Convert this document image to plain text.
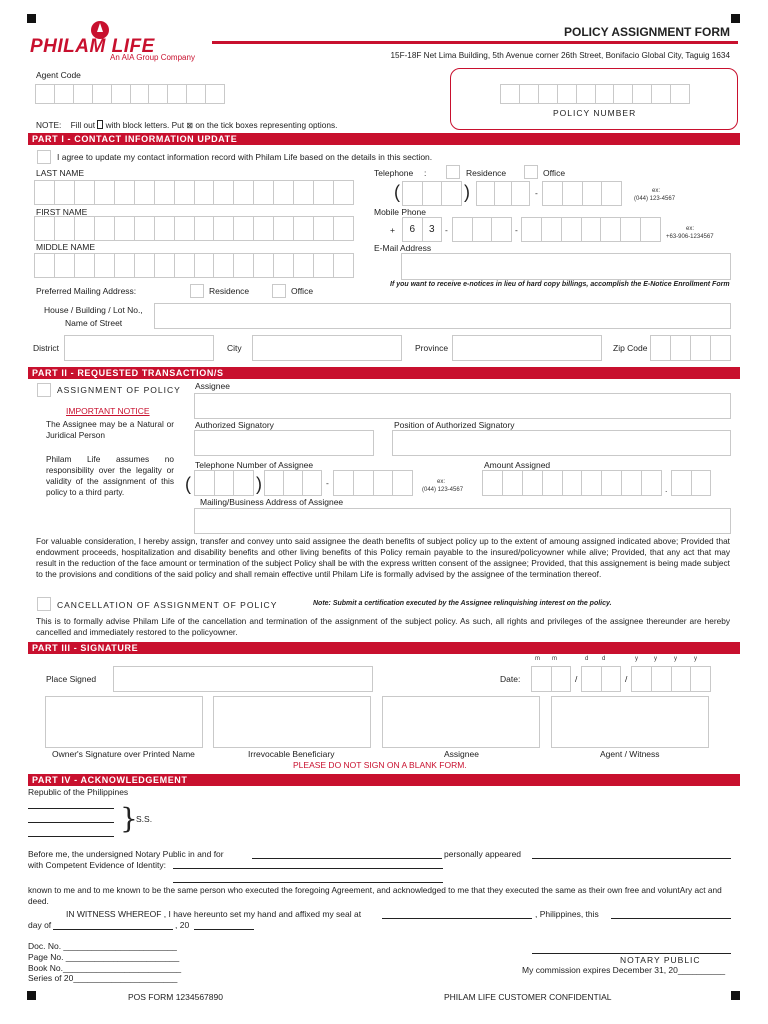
PHILAM LIFE
An AIA Group Company
POLICY ASSIGNMENT FORM
15F-18F Net Lima Building, 5th Avenue corner 26th Street, Bonifacio Global City, Taguig 1634
Agent Code
POLICY NUMBER
NOTE: Fill out with block letters. Put ⊠ on the tick boxes representing options.
PART I - CONTACT INFORMATION UPDATE
I agree to update my contact information record with Philam Life based on the details in this section.
LAST NAME
FIRST NAME
MIDDLE NAME
Telephone :	Residence	Office
(	)	-	ex:
(044) 123-4567
Mobile Phone
+	6	3	-	-	ex:
+63-906-1234567
E-Mail Address
If you want to receive e-notices in lieu of hard copy billings, accomplish the E-Notice Enrollment Form
Preferred Mailing Address:	Residence	Office
House / Building / Lot No.,
Name of Street
District	City	Province	Zip Code
PART II - REQUESTED TRANSACTION/S
ASSIGNMENT OF POLICY Assignee
IMPORTANT NOTICE
The Assignee may be a Natural or Juridical Person
Philam Life assumes no responsibility over the legality or validity of the assignment of this policy to a third party.
Authorized Signatory	Position of Authorized Signatory
Telephone Number of Assignee
(	)	-	ex:
(044) 123-4567
Amount Assigned
.
Mailing/Business Address of Assignee
For valuable consideration, I hereby assign, transfer and convey unto said assignee the death benefits of subject policy up to the extent of amoung assigned indicated above; Provided that endowment proceeds, hospitalization and disability benefits and other living benefits of this Policy remain payable to the insured/policyowner while alive; Provided, that any act that may result in the reduction of the face amount or termination of the subject Policy shall be with the express written consent of the assignee; Provided, that this assignement is being made subject to the provisions and conditions of the said policy and shall remain effective until Philam Life is formally advised by the assignee of the termination thereof.
CANCELLATION OF ASSIGNMENT OF POLICY	Note: Submit a certification executed by the Assignee relinquishing interest on the policy.
This is to formally advise Philam Life of the cancellation and termination of the assignment of the subject policy. As such, all rights and privileges of the assignee thereunder are hereby cancelled and immediately restored to the policyowner.
PART III - SIGNATURE
m m	d d	y	y	y	y
Place Signed	Date:	/	/
Owner's Signature over Printed Name	Irrevocable Beneficiary	Assignee	Agent / Witness
PLEASE DO NOT SIGN ON A BLANK FORM.
PART IV - ACKNOWLEDGEMENT
Republic of the Philippines
}
S.S.
Before me, the undersigned Notary Public in and for	personally appeared
with Competent Evidence of Identity:
known to me and to me known to be the same person who executed the foregoing Agreement, and acknowledged to me that they executed the same as their own free and voluntAry act and deed.
IN WITNESS WHEREOF , I have hereunto set my hand and affixed my seal at	, Philippines, this
day of	, 20
Doc. No. ________________________
Page No. ________________________
Book No._________________________
Series of 20______________________
NOTARY PUBLIC
My commission expires December 31, 20__________
POS FORM 1234567890	PHILAM LIFE CUSTOMER CONFIDENTIAL
